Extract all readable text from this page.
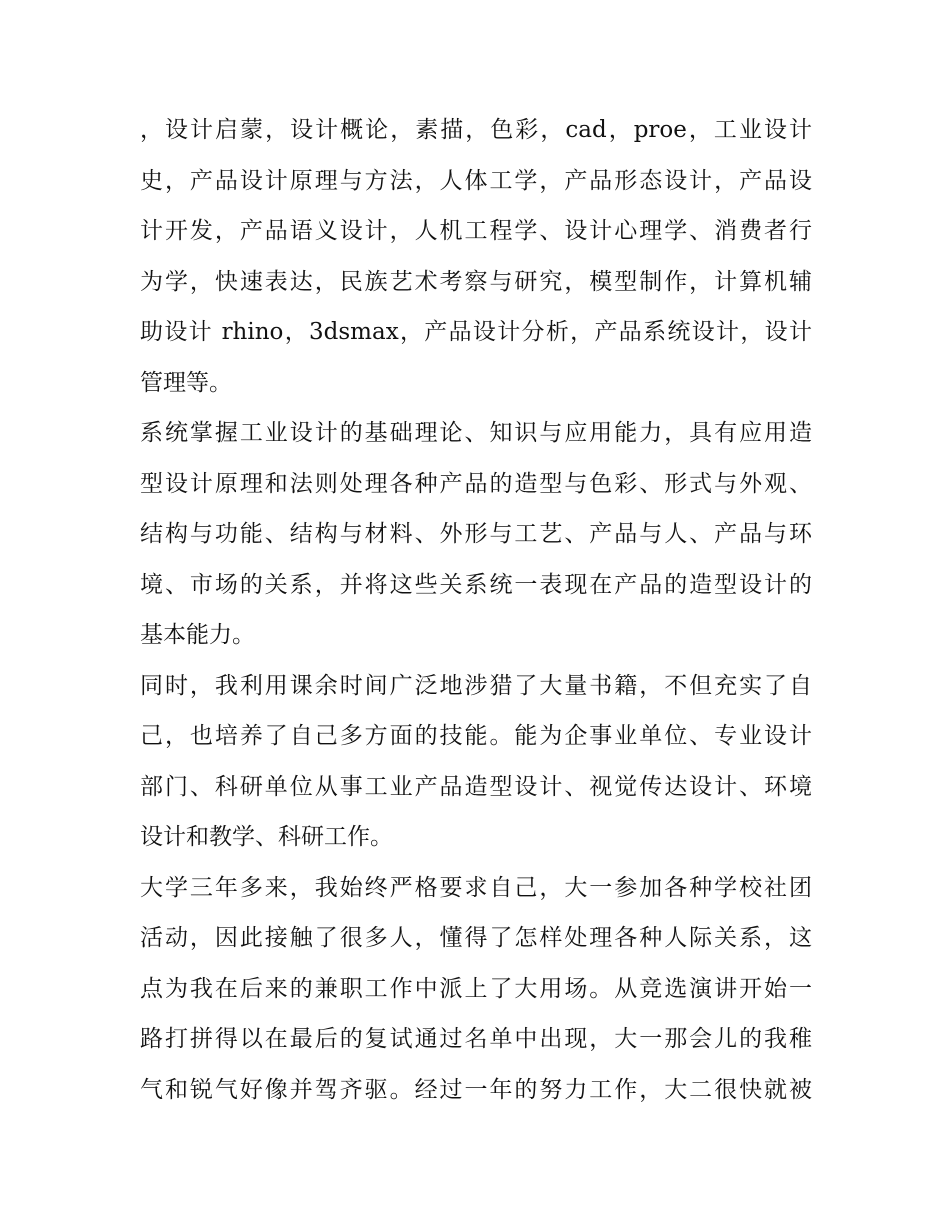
，设计启蒙，设计概论，素描，色彩，cad，proe，工业设计
史，产品设计原理与方法，人体工学，产品形态设计，产品设
计开发，产品语义设计，人机工程学、设计心理学、消费者行
为学，快速表达，民族艺术考察与研究，模型制作，计算机辅
助设计 rhino，3dsmax，产品设计分析，产品系统设计，设计
管理等。
系统掌握工业设计的基础理论、知识与应用能力，具有应用造
型设计原理和法则处理各种产品的造型与色彩、形式与外观、
结构与功能、结构与材料、外形与工艺、产品与人、产品与环
境、市场的关系，并将这些关系统一表现在产品的造型设计的
基本能力。
同时，我利用课余时间广泛地涉猎了大量书籍，不但充实了自
己，也培养了自己多方面的技能。能为企事业单位、专业设计
部门、科研单位从事工业产品造型设计、视觉传达设计、环境
设计和教学、科研工作。
大学三年多来，我始终严格要求自己，大一参加各种学校社团
活动，因此接触了很多人，懂得了怎样处理各种人际关系，这
点为我在后来的兼职工作中派上了大用场。从竞选演讲开始一
路打拼得以在最后的复试通过名单中出现，大一那会儿的我稚
气和锐气好像并驾齐驱。经过一年的努力工作，大二很快就被
